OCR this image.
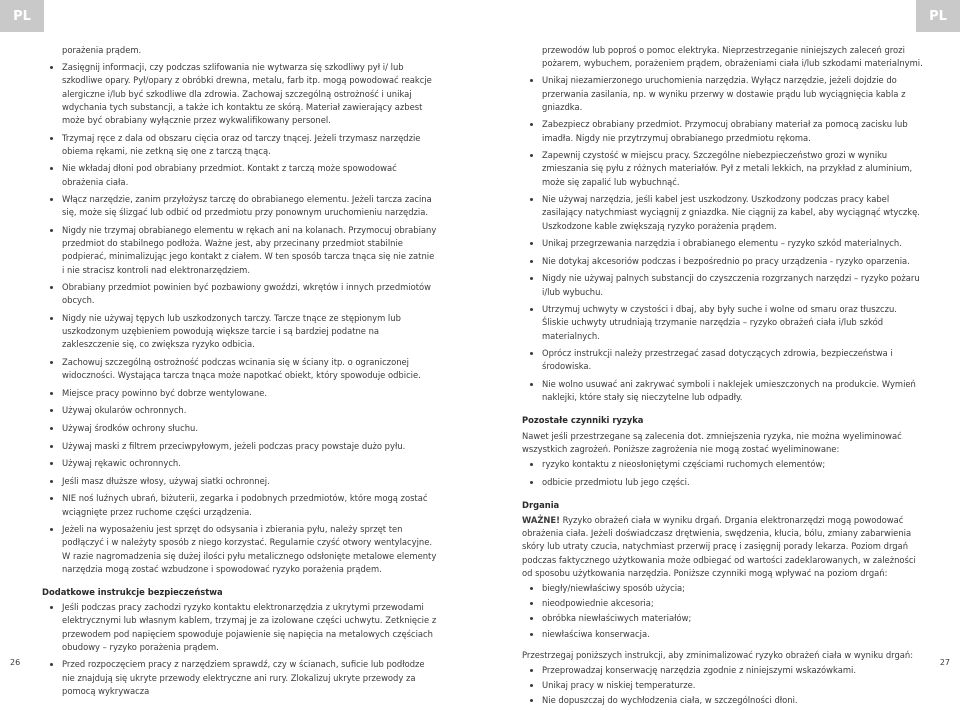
PL	PL

porażenia prądem.

Zasięgnij informacji, czy podczas szlifowania nie wytwarza się szkodliwy pył i/ lub szkodliwe opary. Pył/opary z obróbki drewna, metalu, farb itp. mogą powodować reakcje alergiczne i/lub być szkodliwe dla zdrowia. Zachowaj szczególną ostrożność i unikaj wdychania tych substancji, a także ich kontaktu ze skórą. Materiał zawierający azbest może być obrabiany wyłącznie przez wykwalifikowany personel.
Trzymaj ręce z dala od obszaru cięcia oraz od tarczy tnącej. Jeżeli trzymasz narzędzie obiema rękami, nie zetkną się one z tarczą tnącą.
Nie wkładaj dłoni pod obrabiany przedmiot. Kontakt z tarczą może spowodować obrażenia ciała.
Włącz narzędzie, zanim przyłożysz tarczę do obrabianego elementu. Jeżeli tarcza zacina się, może się ślizgać lub odbić od przedmiotu przy ponownym uruchomieniu narzędzia.
Nigdy nie trzymaj obrabianego elementu w rękach ani na kolanach. Przymocuj obrabiany przedmiot do stabilnego podłoża. Ważne jest, aby przecinany przedmiot stabilnie podpierać, minimalizując jego kontakt z ciałem. W ten sposób tarcza tnąca się nie zatnie i nie stracisz kontroli nad elektronarzędziem.
Obrabiany przedmiot powinien być pozbawiony gwoździ, wkrętów i innych przedmiotów obcych.
Nigdy nie używaj tępych lub uszkodzonych tarczy. Tarcze tnące ze stępionym lub uszkodzonym uzębieniem powodują większe tarcie i są bardziej podatne na zakleszczenie się, co zwiększa ryzyko odbicia.
Zachowuj szczególną ostrożność podczas wcinania się w ściany itp. o ograniczonej widoczności. Wystająca tarcza tnąca może napotkać obiekt, który spowoduje odbicie.
Miejsce pracy powinno być dobrze wentylowane.
Używaj okularów ochronnych.
Używaj środków ochrony słuchu.
Używaj maski z filtrem przeciwpyłowym, jeżeli podczas pracy powstaje dużo pyłu.
Używaj rękawic ochronnych.
Jeśli masz dłuższe włosy, używaj siatki ochronnej.
NIE noś luźnych ubrań, biżuterii, zegarka i podobnych przedmiotów, które mogą zostać wciągnięte przez ruchome części urządzenia.
Jeżeli na wyposażeniu jest sprzęt do odsysania i zbierania pyłu, należy sprzęt ten podłączyć i w należyty sposób z niego korzystać. Regularnie czyść otwory wentylacyjne. W razie nagromadzenia się dużej ilości pyłu metalicznego odsłonięte metalowe elementy narzędzia mogą zostać wzbudzone i spowodować ryzyko porażenia prądem.
Dodatkowe instrukcje bezpieczeństwa
Jeśli podczas pracy zachodzi ryzyko kontaktu elektronarzędzia z ukrytymi przewodami elektrycznymi lub własnym kablem, trzymaj je za izolowane części uchwytu. Zetknięcie z przewodem pod napięciem spowoduje pojawienie się napięcia na metalowych częściach obudowy – ryzyko porażenia prądem.
Przed rozpoczęciem pracy z narzędziem sprawdź, czy w ścianach, suficie lub podłodze nie znajdują się ukryte przewody elektryczne ani rury. Zlokalizuj ukryte przewody za pomocą wykrywacza

przewodów lub poproś o pomoc elektryka. Nieprzestrzeganie niniejszych zaleceń grozi pożarem, wybuchem, porażeniem prądem, obrażeniami ciała i/lub szkodami materialnymi.

Unikaj niezamierzonego uruchomienia narzędzia. Wyłącz narzędzie, jeżeli dojdzie do przerwania zasilania, np. w wyniku przerwy w dostawie prądu lub wyciągnięcia kabla z gniazdka.
Zabezpiecz obrabiany przedmiot. Przymocuj obrabiany materiał za pomocą zacisku lub imadła. Nigdy nie przytrzymuj obrabianego przedmiotu rękoma.
Zapewnij czystość w miejscu pracy. Szczególne niebezpieczeństwo grozi w wyniku zmieszania się pyłu z różnych materiałów. Pył z metali lekkich, na przykład z aluminium, może się zapalić lub wybuchnąć.
Nie używaj narzędzia, jeśli kabel jest uszkodzony. Uszkodzony podczas pracy kabel zasilający natychmiast wyciągnij z gniazdka. Nie ciągnij za kabel, aby wyciągnąć wtyczkę. Uszkodzone kable zwiększają ryzyko porażenia prądem.
Unikaj przegrzewania narzędzia i obrabianego elementu – ryzyko szkód materialnych.
Nie dotykaj akcesoriów podczas i bezpośrednio po pracy urządzenia - ryzyko oparzenia.
Nigdy nie używaj palnych substancji do czyszczenia rozgrzanych narzędzi – ryzyko pożaru i/lub wybuchu.
Utrzymuj uchwyty w czystości i dbaj, aby były suche i wolne od smaru oraz tłuszczu. Śliskie uchwyty utrudniają trzymanie narzędzia – ryzyko obrażeń ciała i/lub szkód materialnych.
Oprócz instrukcji należy przestrzegać zasad dotyczących zdrowia, bezpieczeństwa i środowiska.
Nie wolno usuwać ani zakrywać symboli i naklejek umieszczonych na produkcie. Wymień naklejki, które stały się nieczytelne lub odpadły.
Pozostałe czynniki ryzyka

Nawet jeśli przestrzegane są zalecenia dot. zmniejszenia ryzyka, nie można wyeliminować wszystkich zagrożeń. Poniższe zagrożenia nie mogą zostać wyeliminowane:

ryzyko kontaktu z nieosłoniętymi częściami ruchomych elementów;
odbicie przedmiotu lub jego części.
Drgania

WAŻNE! Ryzyko obrażeń ciała w wyniku drgań. Drgania elektronarzędzi mogą powodować obrażenia ciała. Jeżeli doświadczasz drętwienia, swędzenia, kłucia, bólu, zmiany zabarwienia skóry lub utraty czucia, natychmiast przerwij pracę i zasięgnij porady lekarza. Poziom drgań podczas faktycznego użytkowania może odbiegać od wartości zadeklarowanych, w zależności od sposobu użytkowania narzędzia. Poniższe czynniki mogą wpływać na poziom drgań:

biegły/niewłaściwy sposób użycia;
nieodpowiednie akcesoria;
obróbka niewłaściwych materiałów;
niewłaściwa konserwacja.

Przestrzegaj poniższych instrukcji, aby zminimalizować ryzyko obrażeń ciała w wyniku drgań:

Przeprowadzaj konserwację narzędzia zgodnie z niniejszymi wskazówkami.
Unikaj pracy w niskiej temperaturze.
Nie dopuszczaj do wychłodzenia ciała, w szczególności dłoni.
26	27
